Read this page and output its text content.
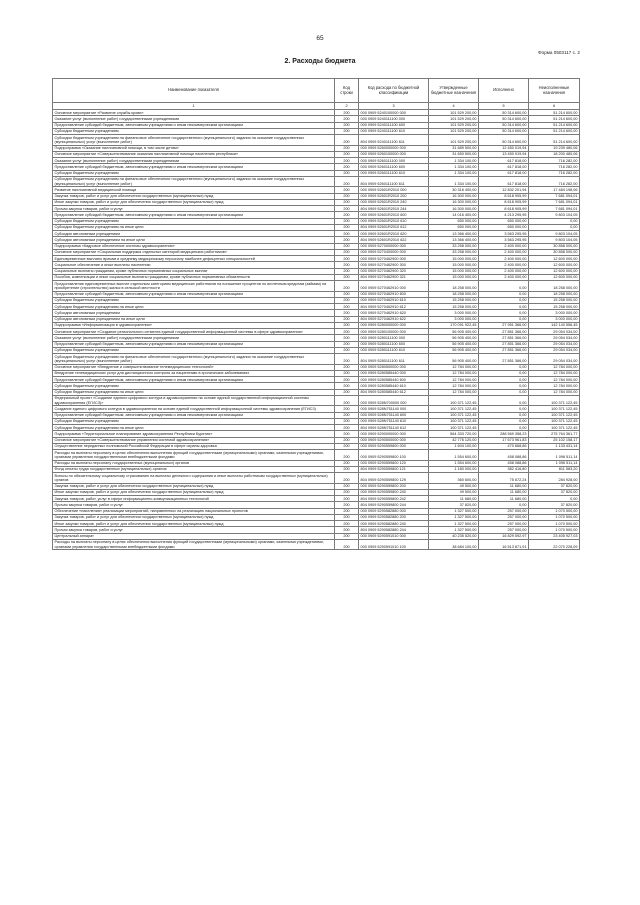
65
Форма 0503117 с. 2
2. Расходы бюджета
Наименование показателя	Код строки	Код расхода по бюджетной классификации	Утвержденные бюджетные назначения	Исполнено	Неисполненные назначения
1	2	3	4	5	6
Основное мероприятие «Развитие службы крови»	200	000 0909 5240100000 000	101 529 200,00	50 314 600,00	51 214 600,00
Оказание услуг (выполнение работ) государственными учреждениями	200	000 0909 5240111100 000	101 529 200,00	50 314 600,00	51 214 600,00
Предоставление субсидий бюджетным, автономным учреждениям и иным некоммерческим организациям	200	000 0909 5240111100 600	101 529 200,00	50 314 600,00	51 214 600,00
Субсидии бюджетным учреждениям	200	000 0909 5240111100 610	101 529 200,00	50 314 600,00	51 214 600,00
Субсидии бюджетным учреждениям на финансовое обеспечение государственного (муниципального) задания на оказание государственных (муниципальных) услуг (выполнение работ)	200	804 0909 5240111100 611	101 529 200,00	50 314 600,00	51 214 600,00
Подпрограмма «Оказание паллиативной помощи, в том числе детям»	200	000 0909 5260000000 000	31 689 500,00	12 450 019,94	19 239 480,06
Основное мероприятие «Совершенствование оказания паллиативной помощи населению республики»	200	000 0909 5260100000 000	31 650 500,00	13 450 019,94	18 200 480,06
Оказание услуг (выполнение работ) государственными учреждениями	200	000 0909 5260111100 000	1 334 100,00	617 818,00	716 282,00
Предоставление субсидий бюджетным, автономным учреждениям и иным некоммерческим организациям	200	000 0909 5260111100 600	1 334 100,00	617 818,00	716 282,00
Субсидии бюджетным учреждениям	200	000 0909 5260111100 610	1 334 100,00	617 818,00	716 282,00
Субсидии бюджетным учреждениям на финансовое обеспечение государственного (муниципального) задания на оказание государственных (муниципальных) услуг (выполнение работ)	200	804 0909 5260111100 611	1 334 100,00	617 818,00	716 282,00
Развитие паллиативной медицинской помощи	200	000 0909 52601R2010 000	30 316 400,00	12 832 201,94	17 484 198,06
Закупка товаров, работ и услуг для обеспечения государственных (муниципальных) нужд	200	000 0909 52601R2010 200	16 300 000,00	8 618 905,99	7 681 094,01
Иные закупки товаров, работ и услуг для обеспечения государственных (муниципальных) нужд	200	000 0909 52601R2010 240	16 300 000,00	8 618 905,99	7 681 094,01
Прочая закупка товаров, работ и услуг	200	804 0909 52601R2010 244	16 300 000,00	8 618 905,99	7 681 094,01
Предоставление субсидий бюджетным, автономным учреждениям и иным некоммерческим организациям	200	000 0909 52601R2010 600	14 016 400,00	4 213 295,95	9 803 104,05
Субсидии бюджетным учреждениям	200	000 0909 52601R2010 610	650 000,00	650 000,00	0,00
Субсидии бюджетным учреждениям на иные цели	200	804 0909 52601R2010 612	650 000,00	650 000,00	0,00
Субсидии автономным учреждениям	200	000 0909 52601R2010 620	13 366 400,00	3 563 295,95	9 803 104,05
Субсидии автономным учреждениям на иные цели	200	804 0909 52601R2010 622	13 366 400,00	3 563 295,95	9 803 104,05
Подпрограмма «Кадровое обеспечение системы здравоохранения»	200	000 0909 5270000000 000	33 258 000,00	2 400 000,00	30 858 000,00
Основное мероприятие «Социальная поддержка отдельных категорий медицинских работников»	200	000 0909 5270400000 000	33 258 000,00	2 400 000,00	30 858 000,00
Единовременные выплаты врачам и среднему медицинскому персоналу наиболее дефицитных специальностей	200	000 0909 5270462900 000	15 000 000,00	2 400 000,00	12 600 000,00
Социальное обеспечение и иные выплаты населению	200	000 0909 5270462900 300	15 000 000,00	2 400 000,00	12 600 000,00
Социальные выплаты гражданам, кроме публичных нормативных социальных выплат	200	000 0909 5270462900 320	15 000 000,00	2 400 000,00	12 600 000,00
Пособия, компенсации и иные социальные выплаты гражданам, кроме публичных нормативных обязательств	200	804 0909 5270462900 321	15 000 000,00	2 400 000,00	12 600 000,00
Предоставление единовременных выплат отдельным категориям медицинских работников на погашение процентов по ипотечным кредитам (займам) на приобретение (строительство) жилья в сельской местности	200	000 0909 5270462910 000	18 258 000,00	0,00	18 258 000,00
Предоставление субсидий бюджетным, автономным учреждениям и иным некоммерческим организациям	200	000 0909 5270462910 600	18 258 000,00	0,00	18 258 000,00
Субсидии бюджетным учреждениям	200	000 0909 5270462910 610	15 258 000,00	0,00	15 258 000,00
Субсидии бюджетным учреждениям на иные цели	200	804 0909 5270462910 612	15 258 000,00	0,00	15 258 000,00
Субсидии автономным учреждениям	200	000 0909 5270462910 620	3 000 000,00	0,00	3 000 000,00
Субсидии автономным учреждениям на иные цели	200	804 0909 5270462910 622	3 000 000,00	0,00	3 000 000,00
Подпрограмма «Информатизация в здравоохранении»	200	000 0909 5280000000 000	170 091 922,45	27 951 366,00	142 140 556,45
Основное мероприятие «Создание регионального сегмента единой государственной информационной системы в сфере здравоохранения»	200	000 0909 5280100000 000	56 905 400,00	27 851 366,00	29 054 034,00
Оказание услуг (выполнение работ) государственными учреждениями	200	000 0909 5280111100 000	56 905 400,00	27 851 366,00	29 054 034,00
Предоставление субсидий бюджетным, автономным учреждениям и иным некоммерческим организациям	200	000 0909 5280111100 600	56 905 400,00	27 851 366,00	29 054 034,00
Субсидии бюджетным учреждениям	200	000 0909 5280111100 610	56 905 400,00	27 851 366,00	29 054 034,00
Субсидии бюджетным учреждениям на финансовое обеспечение государственного (муниципального) задания на оказание государственных (муниципальных) услуг (выполнение работ)	200	804 0909 5280111100 611	56 905 400,00	27 851 366,00	29 054 034,00
Основное мероприятие «Внедрение и совершенствование телемедицинских технологий»	200	000 0909 5280500000 000	12 784 000,00	0,00	12 784 000,00
Внедрение телемедицинских услуг для дистанционного контроля за пациентами в хронических заболеваниях	200	000 0909 5280585440 000	12 784 000,00	0,00	12 784 000,00
Предоставление субсидий бюджетным, автономным учреждениям и иным некоммерческим организациям	200	000 0909 5280585440 600	12 784 000,00	0,00	12 784 000,00
Субсидии бюджетным учреждениям	200	000 0909 5280585440 610	12 784 000,00	0,00	12 784 000,00
Субсидии бюджетным учреждениям на иные цели	200	804 0909 5280585440 612	12 784 000,00	0,00	12 784 000,00
Федеральный проект «Создание единого цифрового контура в здравоохранении на основе единой государственной информационной системы здравоохранения (ЕГИСЗ)»	200	000 0909 528N700000 000	100 371 122,45	0,00	100 371 122,45
Создание единого цифрового контура в здравоохранении на основе единой государственной информационной системы здравоохранения (ЕГИСЗ)	200	000 0909 528N751140 000	100 371 122,45	0,00	100 371 122,45
Предоставление субсидий бюджетным, автономным учреждениям и иным некоммерческим организациям	200	000 0909 528N751140 600	100 371 122,45	0,00	100 371 122,45
Субсидии бюджетным учреждениям	200	000 0909 528N751140 610	100 371 122,45	0,00	100 371 122,45
Субсидии бюджетным учреждениям на иные цели	200	804 0909 528N751140 612	100 371 122,45	0,00	100 371 122,45
Подпрограмма «Территориальное планирование здравоохранения Республики Бурятия»	200	000 0909 5290000000 000	564 333 720,00	288 569 358,23	275 764 361,77
Основное мероприятие «Совершенствование управления системой здравоохранения»	200	000 0909 5290500000 000	42 776 120,00	17 673 961,83	25 102 158,17
Осуществление переданных полномочий Российской Федерации в сфере охраны здоровья	200	000 0909 5290559800 000	1 604 100,00	470 668,86	1 133 431,14
Расходы на выплаты персоналу в целях обеспечения выполнения функций государственными (муниципальными) органами, казенными учреждениями, органами управления государственными внебюджетными фондами	200	000 0909 5290559800 100	1 554 600,00	458 088,86	1 096 511,14
Расходы на выплаты персоналу государственных (муниципальных) органов	200	000 0909 5290559800 120	1 554 600,00	458 088,86	1 096 511,14
Фонд оплаты труда государственных (муниципальных) органов	200	804 0909 5290559800 121	1 180 000,00	382 416,80	811 583,20
Взносы по обязательному социальному страхованию на выплаты денежного содержания и иные выплаты работникам государственных (муниципальных) органов	200	804 0909 5290559800 129	360 600,00	75 672,24	284 928,00
Закупка товаров, работ и услуг для обеспечения государственных (муниципальных) нужд	200	000 0909 5290559800 200	49 500,00	11 680,00	37 820,00
Иные закупки товаров, работ и услуг для обеспечения государственных (муниципальных) нужд	200	000 0909 5290559800 240	49 500,00	11 680,00	37 820,00
Закупка товаров, работ, услуг в сфере информационно-коммуникационных технологий	200	804 0909 5290559800 242	11 680,00	11 680,00	0,00
Прочая закупка товаров, работ и услуг	200	804 0909 5290559800 244	37 820,00	0,00	37 820,00
Обеспечение «населения» реализации мероприятий, направленных на реализацию национальных проектов	200	000 0909 5290582880 000	1 327 500,00	257 000,00	1 070 500,00
Закупка товаров, работ и услуг для обеспечения государственных (муниципальных) нужд	200	000 0909 5290582880 200	1 327 500,00	257 000,00	1 070 500,00
Иные закупки товаров, работ и услуг для обеспечения государственных (муниципальных) нужд	200	000 0909 5290582880 240	1 327 500,00	257 000,00	1 070 500,00
Прочая закупка товаров, работ и услуг	200	804 0909 5290582880 244	1 327 500,00	257 000,00	1 070 500,00
Центральный аппарат	200	000 0909 5290591010 000	40 235 520,00	16 829 592,97	23 405 927,03
Расходы на выплаты персоналу в целях обеспечения выполнения функций государственными (муниципальными) органами, казенными учреждениями, органами управления государственными внебюджетными фондами	200	000 0909 5290591010 100	38 684 100,00	16 513 871,91	22 070 228,09
